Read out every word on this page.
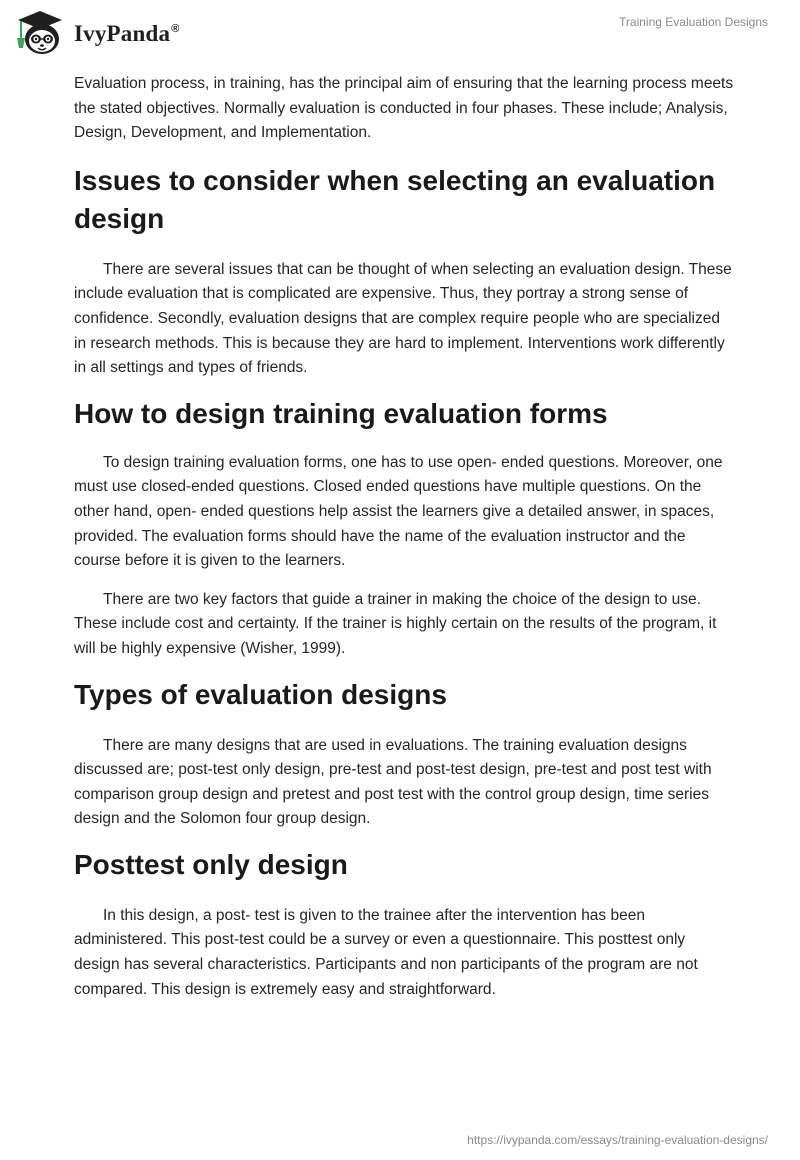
IvyPanda®
Training Evaluation Designs

Evaluation process, in training, has the principal aim of ensuring that the learning process meets the stated objectives. Normally evaluation is conducted in four phases. These include; Analysis, Design, Development, and Implementation.

Issues to consider when selecting an evaluation design

There are several issues that can be thought of when selecting an evaluation design. These include evaluation that is complicated are expensive. Thus, they portray a strong sense of confidence. Secondly, evaluation designs that are complex require people who are specialized in research methods. This is because they are hard to implement. Interventions work differently in all settings and types of friends.

How to design training evaluation forms

To design training evaluation forms, one has to use open- ended questions. Moreover, one must use closed-ended questions. Closed ended questions have multiple questions. On the other hand, open- ended questions help assist the learners give a detailed answer, in spaces, provided. The evaluation forms should have the name of the evaluation instructor and the course before it is given to the learners.

There are two key factors that guide a trainer in making the choice of the design to use. These include cost and certainty. If the trainer is highly certain on the results of the program, it will be highly expensive (Wisher, 1999).

Types of evaluation designs

There are many designs that are used in evaluations. The training evaluation designs discussed are; post-test only design, pre-test and post-test design, pre-test and post test with comparison group design and pretest and post test with the control group design, time series design and the Solomon four group design.

Posttest only design

In this design, a post- test is given to the trainee after the intervention has been administered. This post-test could be a survey or even a questionnaire. This posttest only design has several characteristics. Participants and non participants of the program are not compared. This design is extremely easy and straightforward.

https://ivypanda.com/essays/training-evaluation-designs/
